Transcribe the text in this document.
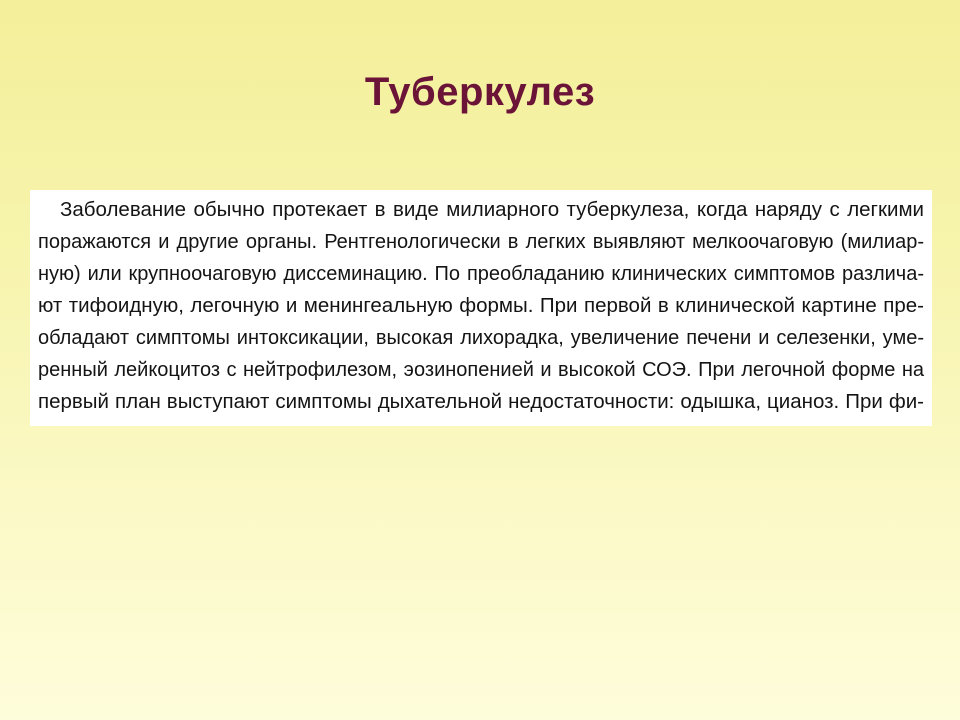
Туберкулез
Заболевание обычно протекает в виде милиарного туберкулеза, когда наряду с легкими
поражаются и другие органы. Рентгенологически в легких выявляют мелкоочаговую (милиар-
ную) или крупноочаговую диссеминацию. По преобладанию клинических симптомов различа-
ют тифоидную, легочную и менингеальную формы. При первой в клинической картине пре-
обладают симптомы интоксикации, высокая лихорадка, увеличение печени и селезенки, уме-
ренный лейкоцитоз с нейтрофилезом, эозинопенией и высокой СОЭ. При легочной форме на
первый план выступают симптомы дыхательной недостаточности: одышка, цианоз. При фи-
